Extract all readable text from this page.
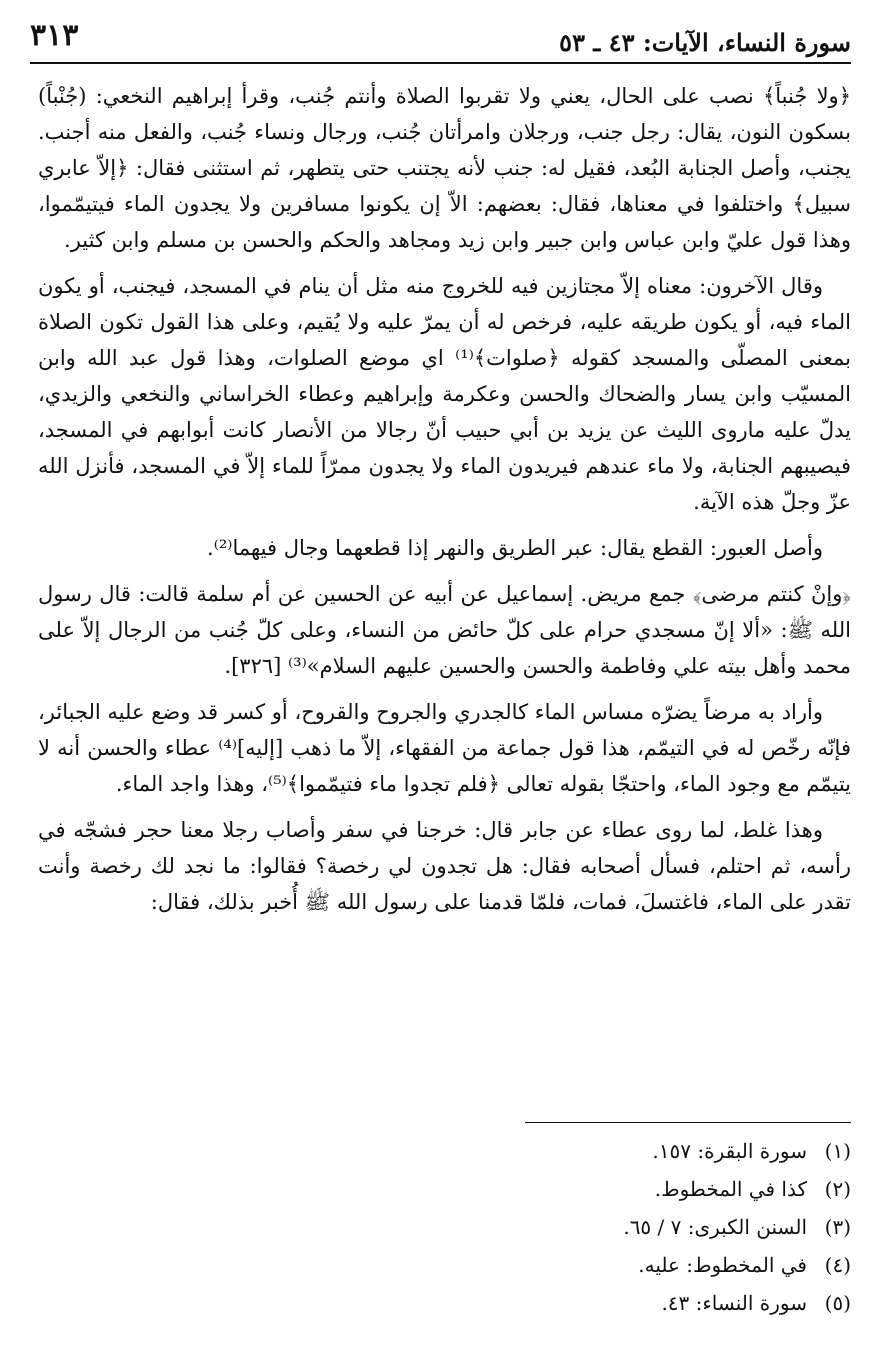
سورة النساء، الآيات: ٤٣ ـ ٥٣
٣١٣

﴿ولا جُنباً﴾ نصب على الحال، يعني ولا تقربوا الصلاة وأنتم جُنب، وقرأ إبراهيم النخعي: (جُنْباً) بسكون النون، يقال: رجل جنب، ورجلان وامرأتان جُنب، ورجال ونساء جُنب، والفعل منه أجنب. يجنب، وأصل الجنابة البُعد، فقيل له: جنب لأنه يجتنب حتى يتطهر، ثم استثنى فقال: ﴿إلاّ عابري سبيل﴾ واختلفوا في معناها، فقال: بعضهم: الاّ إن يكونوا مسافرين ولا يجدون الماء فيتيمّموا، وهذا قول عليّ وابن عباس وابن جبير وابن زيد ومجاهد والحكم والحسن بن مسلم وابن كثير.

وقال الآخرون: معناه إلاّ مجتازين فيه للخروج منه مثل أن ينام في المسجد، فيجنب، أو يكون الماء فيه، أو يكون طريقه عليه، فرخص له أن يمرّ عليه ولا يُقيم، وعلى هذا القول تكون الصلاة بمعنى المصلّى والمسجد كقوله ﴿صلوات﴾⁽¹⁾ اي موضع الصلوات، وهذا قول عبد الله وابن المسيّب وابن يسار والضحاك والحسن وعكرمة وإبراهيم وعطاء الخراساني والنخعي والزيدي، يدلّ عليه ماروى الليث عن يزيد بن أبي حبيب أنّ رجالا من الأنصار كانت أبوابهم في المسجد، فيصيبهم الجنابة، ولا ماء عندهم فيريدون الماء ولا يجدون ممرّاً للماء إلاّ في المسجد، فأنزل الله عزّ وجلّ هذه الآية.

وأصل العبور: القطع يقال: عبر الطريق والنهر إذا قطعهما وجال فيهما⁽²⁾.

﴿وإنْ كنتم مرضى﴾ جمع مريض. إسماعيل عن أبيه عن الحسين عن أم سلمة قالت: قال رسول الله ﷺ: «ألا إنّ مسجدي حرام على كلّ حائض من النساء، وعلى كلّ جُنب من الرجال إلاّ على محمد وأهل بيته علي وفاطمة والحسن والحسين عليهم السلام»⁽³⁾ [٣٢٦].

وأراد به مرضاً يضرّه مساس الماء كالجدري والجروح والقروح، أو كسر قد وضع عليه الجبائر، فإنّه رخّص له في التيمّم، هذا قول جماعة من الفقهاء، إلاّ ما ذهب [إليه]⁽⁴⁾ عطاء والحسن أنه لا يتيمّم مع وجود الماء، واحتجّا بقوله تعالى ﴿فلم تجدوا ماء فتيمّموا﴾⁽⁵⁾، وهذا واجد الماء.

وهذا غلط، لما روى عطاء عن جابر قال: خرجنا في سفر وأصاب رجلا معنا حجر فشجّه في رأسه، ثم احتلم، فسأل أصحابه فقال: هل تجدون لي رخصة؟ فقالوا: ما نجد لك رخصة وأنت تقدر على الماء، فاغتسلَ، فمات، فلمّا قدمنا على رسول الله ﷺ أُخبر بذلك، فقال:

(١)
سورة البقرة: ١٥٧.
(٢)
كذا في المخطوط.
(٣)
السنن الكبرى: ٧ / ٦٥.
(٤)
في المخطوط: عليه.
(٥)
سورة النساء: ٤٣.
